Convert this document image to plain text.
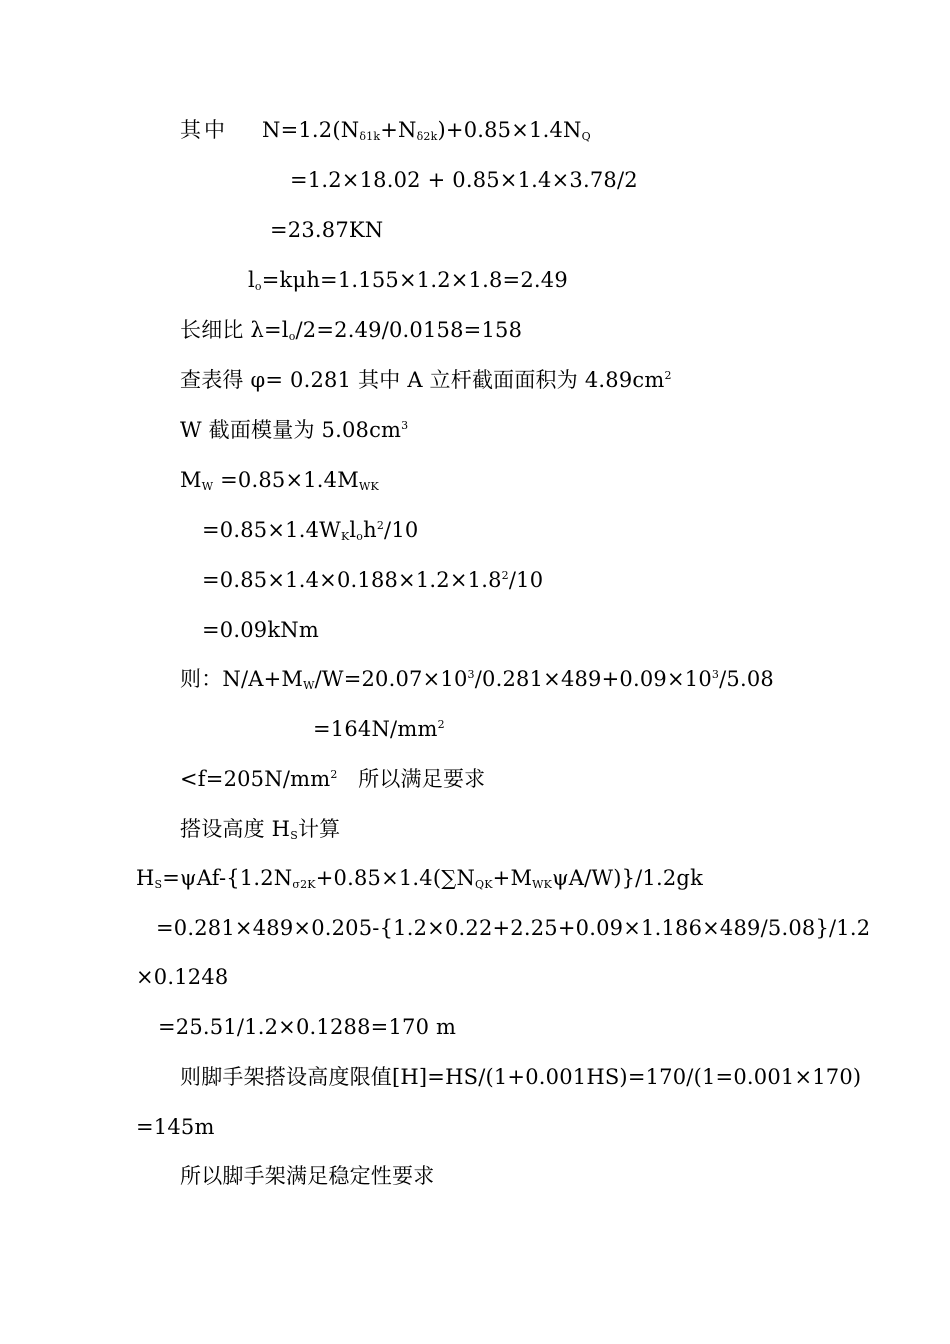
其中 $N=1.2(N_{\delta 1k}+N_{\delta 2k})+0.85\times 1.4N_Q$
=1.2×18.02 + 0.85×1.4×3.78/2
=23.87KN
$l_o=k\mu h=1.155\times 1.2\times 1.8=2.49$
长细比 $\lambda=l_o/2=2.49/0.0158=158$
查表得 φ= 0.281 其中 A 立杆截面面积为 $4.89cm^2$
W 截面模量为 $5.08cm^3$
$M_W =0.85\times 1.4M_{WK}$
$=0.85\times 1.4W_Kl_oh^2/10$
$=0.85\times 1.4\times 0.188\times 1.2\times 1.8^2/10$
=0.09kNm
则：$N/A+M_W/W=20.07\times 10^3/0.281\times 489+0.09\times 10^3/5.08$
$=164N/mm^2$
$<f=205N/mm^2$   所以满足要求
搭设高度 $H_S$计算
$H_S=\psi Af-\{1.2N_{\sigma 2K}+0.85\times 1.4(\sum N_{QK}+M_{WK}\psi A/W)\}/1.2gk$
=0.281×489×0.205-{1.2×0.22+2.25+0.09×1.186×489/5.08}/1.2
×0.1248
=25.51/1.2×0.1288=170 m
则脚手架搭设高度限值[H]=HS/(1+0.001HS)=170/(1=0.001×170)
=145m
所以脚手架满足稳定性要求
